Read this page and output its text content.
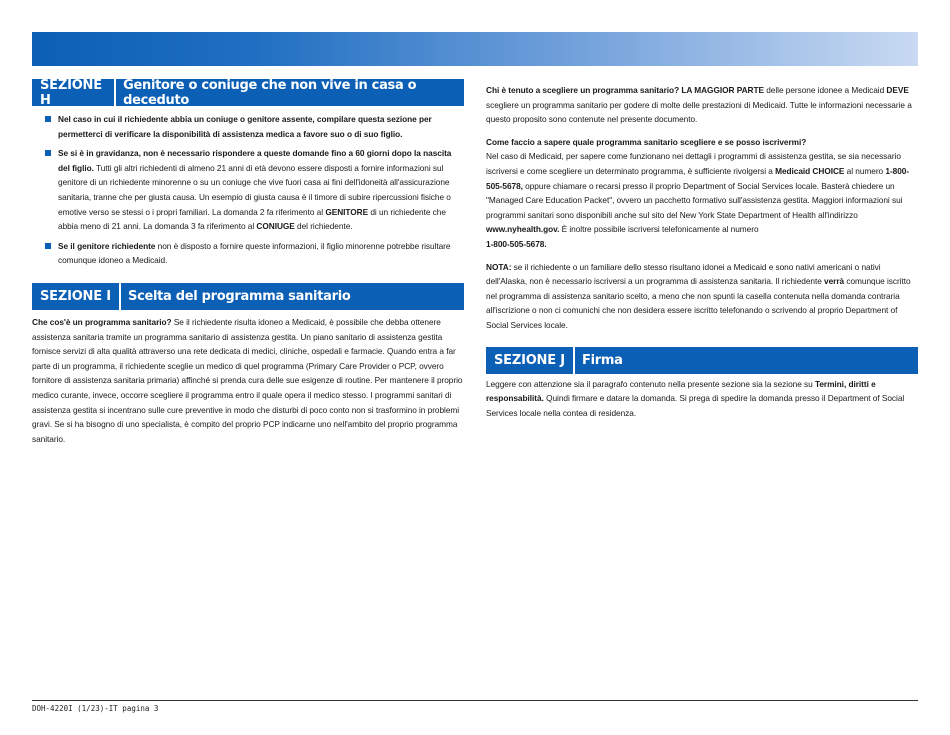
SEZIONE H
Genitore o coniuge che non vive in casa o deceduto
Nel caso in cui il richiedente abbia un coniuge o genitore assente, compilare questa sezione per permetterci di verificare la disponibilità di assistenza medica a favore suo o di suo figlio.
Se si è in gravidanza, non è necessario rispondere a queste domande fino a 60 giorni dopo la nascita del figlio. Tutti gli altri richiedenti di almeno 21 anni di età devono essere disposti a fornire informazioni sul genitore di un richiedente minorenne o su un coniuge che vive fuori casa ai fini dell'idoneità all'assicurazione sanitaria, tranne che per giusta causa. Un esempio di giusta causa è il timore di subire ripercussioni fisiche o emotive verso se stessi o i propri familiari. La domanda 2 fa riferimento al GENITORE di un richiedente che abbia meno di 21 anni. La domanda 3 fa riferimento al CONIUGE del richiedente.
Se il genitore richiedente non è disposto a fornire queste informazioni, il figlio minorenne potrebbe risultare comunque idoneo a Medicaid.
SEZIONE I	Scelta del programma sanitario

Che cos'è un programma sanitario? Se il richiedente risulta idoneo a Medicaid, è possibile che debba ottenere assistenza sanitaria tramite un programma sanitario di assistenza gestita. Un piano sanitario di assistenza gestita fornisce servizi di alta qualità attraverso una rete dedicata di medici, cliniche, ospedali e farmacie. Quando entra a far parte di un programma, il richiedente sceglie un medico di quel programma (Primary Care Provider o PCP, ovvero fornitore di assistenza sanitaria primaria) affinché si prenda cura delle sue esigenze di routine. Per mantenere il proprio medico curante, invece, occorre scegliere il programma entro il quale opera il medico stesso. I programmi sanitari di assistenza gestita si incentrano sulle cure preventive in modo che disturbi di poco conto non si trasformino in problemi gravi. Se si ha bisogno di uno specialista, è compito del proprio PCP indicarne uno nell'ambito del proprio programma sanitario.

Chi è tenuto a scegliere un programma sanitario? LA MAGGIOR PARTE delle persone idonee a Medicaid DEVE scegliere un programma sanitario per godere di molte delle prestazioni di Medicaid. Tutte le informazioni necessarie a questo proposito sono contenute nel presente documento.

Come faccio a sapere quale programma sanitario scegliere e se posso iscrivermi?
Nel caso di Medicaid, per sapere come funzionano nei dettagli i programmi di assistenza gestita, se sia necessario iscriversi e come scegliere un determinato programma, è sufficiente rivolgersi a Medicaid CHOICE al numero 1-800-505-5678, oppure chiamare o recarsi presso il proprio Department of Social Services locale. Basterà chiedere un "Managed Care Education Packet", ovvero un pacchetto formativo sull'assistenza gestita. Maggiori informazioni sui programmi sanitari sono disponibili anche sul sito del New York State Department of Health all'indirizzo www.nyhealth.gov. È inoltre possibile iscriversi telefonicamente al numero
1-800-505-5678.

NOTA: se il richiedente o un familiare dello stesso risultano idonei a Medicaid e sono nativi americani o nativi dell'Alaska, non è necessario iscriversi a un programma di assistenza sanitaria. Il richiedente verrà comunque iscritto nel programma di assistenza sanitario scelto, a meno che non spunti la casella contenuta nella domanda contraria all'iscrizione o non ci comunichi che non desidera essere iscritto telefonando o scrivendo al proprio Department of Social Services locale.

SEZIONE J	Firma

Leggere con attenzione sia il paragrafo contenuto nella presente sezione sia la sezione su Termini, diritti e responsabilità. Quindi firmare e datare la domanda. Si prega di spedire la domanda presso il Department of Social Services locale nella contea di residenza.

DOH-4220I (1/23)-IT pagina 3
